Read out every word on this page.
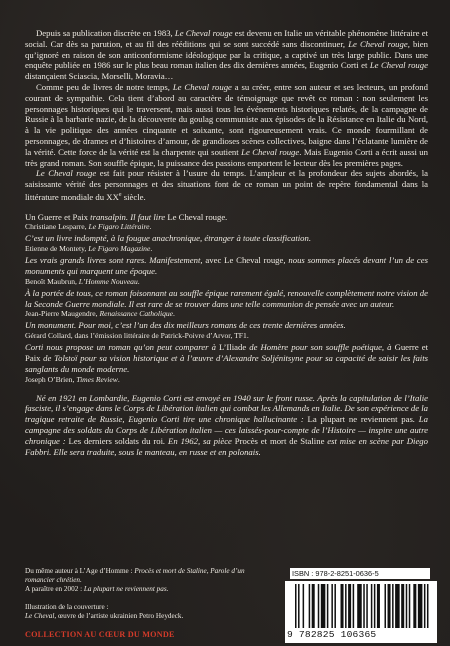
Depuis sa publication discrète en 1983, Le Cheval rouge est devenu en Italie un véritable phénomène littéraire et social. Car dès sa parution, et au fil des rééditions qui se sont succédé sans discontinuer, Le Cheval rouge, bien qu’ignoré en raison de son anticonformisme idéologique par la critique, a captivé un très large public. Dans une enquête publiée en 1986 sur le plus beau roman italien des dix dernières années, Eugenio Corti et Le Cheval rouge distançaient Sciascia, Morselli, Moravia…

Comme peu de livres de notre temps, Le Cheval rouge a su créer, entre son auteur et ses lecteurs, un profond courant de sympathie. Cela tient d’abord au caractère de témoignage que revêt ce roman : non seulement les personnages historiques qui le traversent, mais aussi tous les événements historiques relatés, de la campagne de Russie à la barbarie nazie, de la découverte du goulag communiste aux épisodes de la Résistance en Italie du Nord, à la vie politique des années cinquante et soixante, sont rigoureusement vrais. Ce monde fourmillant de personnages, de drames et d’histoires d’amour, de grandioses scènes collectives, baigne dans l’éclatante lumière de la vérité. Cette force de la vérité est la charpente qui soutient Le Cheval rouge. Mais Eugenio Corti a écrit aussi un très grand roman. Son souffle épique, la puissance des passions emportent le lecteur dès les premières pages.

Le Cheval rouge est fait pour résister à l’usure du temps. L’ampleur et la profondeur des sujets abordés, la saisissante vérité des personnages et des situations font de ce roman un point de repère fondamental dans la littérature mondiale du XXe siècle.

Un Guerre et Paix transalpin. Il faut lire Le Cheval rouge.

Christiane Lesparre, Le Figaro Littéraire.

C’est un livre indompté, à la fougue anachronique, étranger à toute classification.

Etienne de Montety, Le Figaro Magazine.

Les vrais grands livres sont rares. Manifestement, avec Le Cheval rouge, nous sommes placés devant l’un de ces monuments qui marquent une époque.

Benoît Maubrun, L’Homme Nouveau.

À la portée de tous, ce roman foisonnant au souffle épique rarement égalé, renouvelle complètement notre vision de la Seconde Guerre mondiale. Il est rare de se trouver dans une telle communion de pensée avec un auteur.

Jean-Pierre Maugendre, Renaissance Catholique.

Un monument. Pour moi, c’est l’un des dix meilleurs romans de ces trente dernières années.

Gérard Collard, dans l’émission littéraire de Patrick-Poivre d’Arvor, TF1.

Corti nous propose un roman qu’on peut comparer à L’Iliade de Homère pour son souffle poétique, à Guerre et Paix de Tolstoï pour sa vision historique et à l’œuvre d’Alexandre Soljénitsyne pour sa capacité de saisir les faits sanglants du monde moderne.

Joseph O’Brien, Times Review.

Né en 1921 en Lombardie, Eugenio Corti est envoyé en 1940 sur le front russe. Après la capitulation de l’Italie fasciste, il s’engage dans le Corps de Libération italien qui combat les Allemands en Italie. De son expérience de la tragique retraite de Russie, Eugenio Corti tire une chronique hallucinante : La plupart ne reviennent pas. La campagne des soldats du Corps de Libération italien — ces laissés-pour-compte de l’Histoire — inspire une autre chronique : Les derniers soldats du roi. En 1962, sa pièce Procès et mort de Staline est mise en scène par Diego Fabbri. Elle sera traduite, sous le manteau, en russe et en polonais.

Du même auteur à L’Age d’Homme : Procès et mort de Staline, Parole d’un romancier chrétien.

A paraître en 2002 : La plupart ne reviennent pas.

Illustration de la couverture :

Le Cheval, œuvre de l’artiste ukrainien Petro Heydeck.

COLLECTION AU CŒUR DU MONDE
ISBN : 978-2-8251-0636-5
9 782825 106365
